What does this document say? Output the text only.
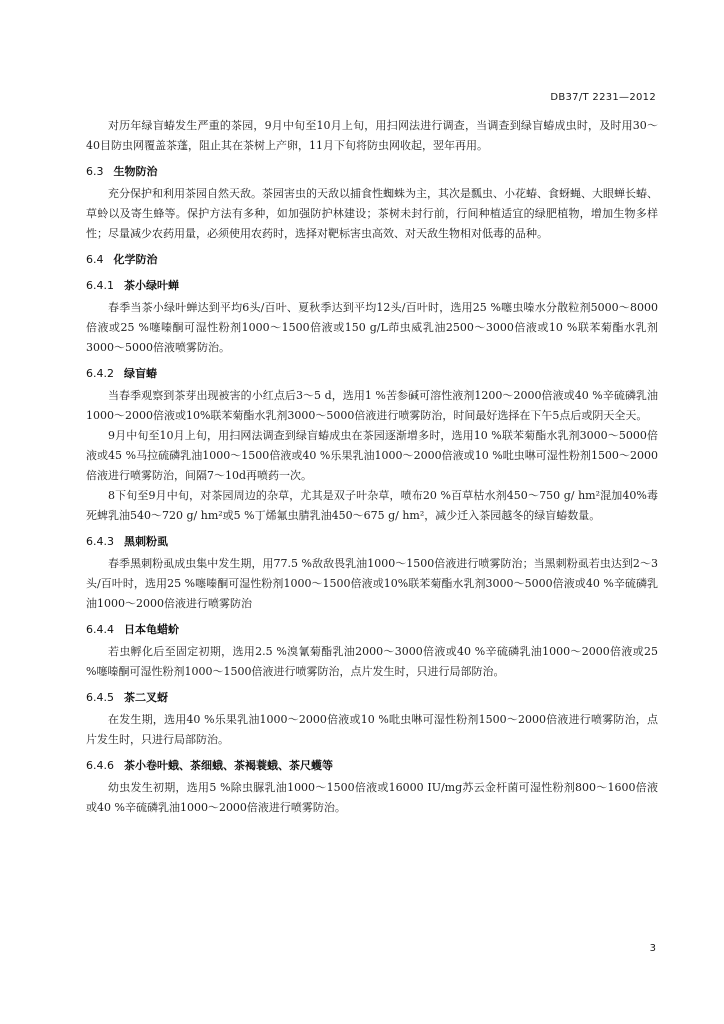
DB37/T 2231—2012

对历年绿盲蝽发生严重的茶园，9月中旬至10月上旬，用扫网法进行调查，当调查到绿盲蝽成虫时，及时用30～40目防虫网覆盖茶蓬，阻止其在茶树上产卵，11月下旬将防虫网收起，翌年再用。

6.3 生物防治

充分保护和利用茶园自然天敌。茶园害虫的天敌以捕食性蜘蛛为主，其次是瓢虫、小花蝽、食蚜蝇、大眼蝉长蝽、草蛉以及寄生蜂等。保护方法有多种，如加强防护林建设；茶树未封行前，行间种植适宜的绿肥植物，增加生物多样性；尽量减少农药用量，必须使用农药时，选择对靶标害虫高效、对天敌生物相对低毒的品种。

6.4 化学防治
6.4.1 茶小绿叶蝉

春季当茶小绿叶蝉达到平均6头/百叶、夏秋季达到平均12头/百叶时，选用25 %噻虫嗪水分散粒剂5000～8000倍液或25 %噻嗪酮可湿性粉剂1000～1500倍液或150 g/L茚虫威乳油2500～3000倍液或10 %联苯菊酯水乳剂3000～5000倍液喷雾防治。

6.4.2 绿盲蝽

当春季观察到茶芽出现被害的小红点后3～5 d，选用1 %苦参碱可溶性液剂1200～2000倍液或40 %辛硫磷乳油1000～2000倍液或10%联苯菊酯水乳剂3000～5000倍液进行喷雾防治，时间最好选择在下午5点后或阴天全天。

9月中旬至10月上旬，用扫网法调查到绿盲蝽成虫在茶园逐渐增多时，选用10 %联苯菊酯水乳剂3000～5000倍液或45 %马拉硫磷乳油1000～1500倍液或40 %乐果乳油1000～2000倍液或10 %吡虫啉可湿性粉剂1500～2000倍液进行喷雾防治，间隔7～10d再喷药一次。

8下旬至9月中旬，对茶园周边的杂草，尤其是双子叶杂草，喷布20 %百草枯水剂450～750 g/ hm²混加40%毒死蜱乳油540～720 g/ hm²或5 %丁烯氟虫腈乳油450～675 g/ hm²，减少迁入茶园越冬的绿盲蝽数量。

6.4.3 黑刺粉虱

春季黑刺粉虱成虫集中发生期，用77.5 %敌敌畏乳油1000～1500倍液进行喷雾防治；当黑刺粉虱若虫达到2～3头/百叶时，选用25 %噻嗪酮可湿性粉剂1000～1500倍液或10%联苯菊酯水乳剂3000～5000倍液或40 %辛硫磷乳油1000～2000倍液进行喷雾防治

6.4.4 日本龟蜡蚧

若虫孵化后至固定初期，选用2.5 %溴氰菊酯乳油2000～3000倍液或40 %辛硫磷乳油1000～2000倍液或25 %噻嗪酮可湿性粉剂1000～1500倍液进行喷雾防治，点片发生时，只进行局部防治。

6.4.5 茶二叉蚜

在发生期，选用40 %乐果乳油1000～2000倍液或10 %吡虫啉可湿性粉剂1500～2000倍液进行喷雾防治，点片发生时，只进行局部防治。

6.4.6 茶小卷叶蛾、茶细蛾、茶褐蓑蛾、茶尺蠖等

幼虫发生初期，选用5 %除虫脲乳油1000～1500倍液或16000 IU/mg苏云金杆菌可湿性粉剂800～1600倍液或40 %辛硫磷乳油1000～2000倍液进行喷雾防治。

3
